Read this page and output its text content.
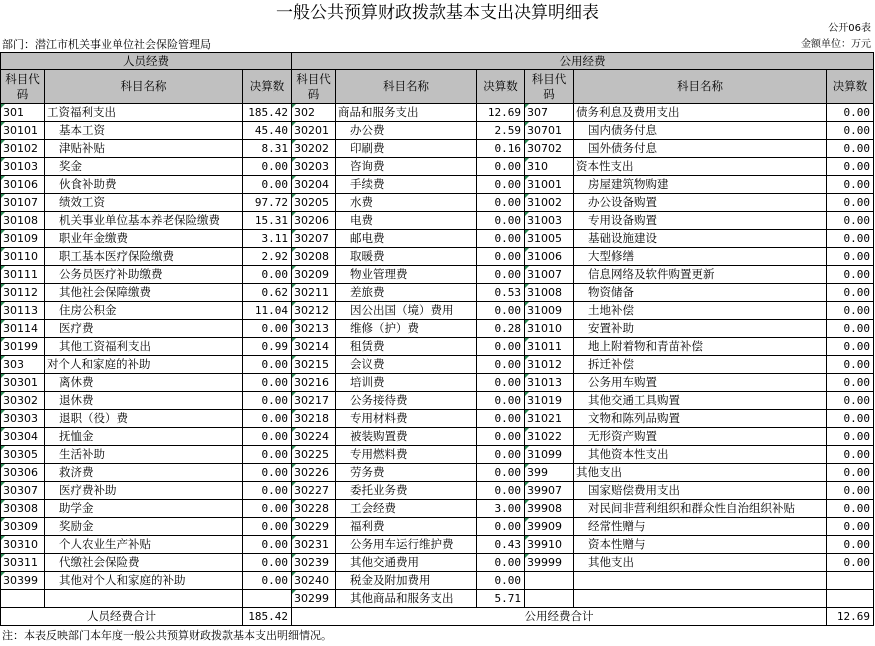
一般公共预算财政拨款基本支出决算明细表
公开06表
部门：潜江市机关事业单位社会保险管理局	金额单位：万元
人员经费			公用经费					
科目代码	科目名称	决算数	科目代码	科目名称	决算数	科目代码	科目名称	决算数
301	工资福利支出	185.42	302	商品和服务支出	12.69	307	债务利息及费用支出	0.00
30101	基本工资	45.40	30201	办公费	2.59	30701	国内债务付息	0.00
30102	津贴补贴	8.31	30202	印刷费	0.16	30702	国外债务付息	0.00
30103	奖金	0.00	30203	咨询费	0.00	310	资本性支出	0.00
30106	伙食补助费	0.00	30204	手续费	0.00	31001	房屋建筑物购建	0.00
30107	绩效工资	97.72	30205	水费	0.00	31002	办公设备购置	0.00
30108	机关事业单位基本养老保险缴费	15.31	30206	电费	0.00	31003	专用设备购置	0.00
30109	职业年金缴费	3.11	30207	邮电费	0.00	31005	基础设施建设	0.00
30110	职工基本医疗保险缴费	2.92	30208	取暖费	0.00	31006	大型修缮	0.00
30111	公务员医疗补助缴费	0.00	30209	物业管理费	0.00	31007	信息网络及软件购置更新	0.00
30112	其他社会保障缴费	0.62	30211	差旅费	0.53	31008	物资储备	0.00
30113	住房公积金	11.04	30212	因公出国（境）费用	0.00	31009	土地补偿	0.00
30114	医疗费	0.00	30213	维修（护）费	0.28	31010	安置补助	0.00
30199	其他工资福利支出	0.99	30214	租赁费	0.00	31011	地上附着物和青苗补偿	0.00
303	对个人和家庭的补助	0.00	30215	会议费	0.00	31012	拆迁补偿	0.00
30301	离休费	0.00	30216	培训费	0.00	31013	公务用车购置	0.00
30302	退休费	0.00	30217	公务接待费	0.00	31019	其他交通工具购置	0.00
30303	退职（役）费	0.00	30218	专用材料费	0.00	31021	文物和陈列品购置	0.00
30304	抚恤金	0.00	30224	被装购置费	0.00	31022	无形资产购置	0.00
30305	生活补助	0.00	30225	专用燃料费	0.00	31099	其他资本性支出	0.00
30306	救济费	0.00	30226	劳务费	0.00	399	其他支出	0.00
30307	医疗费补助	0.00	30227	委托业务费	0.00	39907	国家赔偿费用支出	0.00
30308	助学金	0.00	30228	工会经费	3.00	39908	对民间非营利组织和群众性自治组织补贴	0.00
30309	奖励金	0.00	30229	福利费	0.00	39909	经常性赠与	0.00
30310	个人农业生产补贴	0.00	30231	公务用车运行维护费	0.43	39910	资本性赠与	0.00
30311	代缴社会保险费	0.00	30239	其他交通费用	0.00	39999	其他支出	0.00
30399	其他对个人和家庭的补助	0.00	30240	税金及附加费用	0.00			
			30299	其他商品和服务支出	5.71			
人员经费合计		185.42	公用经费合计					12.69
注：本表反映部门本年度一般公共预算财政拨款基本支出明细情况。
